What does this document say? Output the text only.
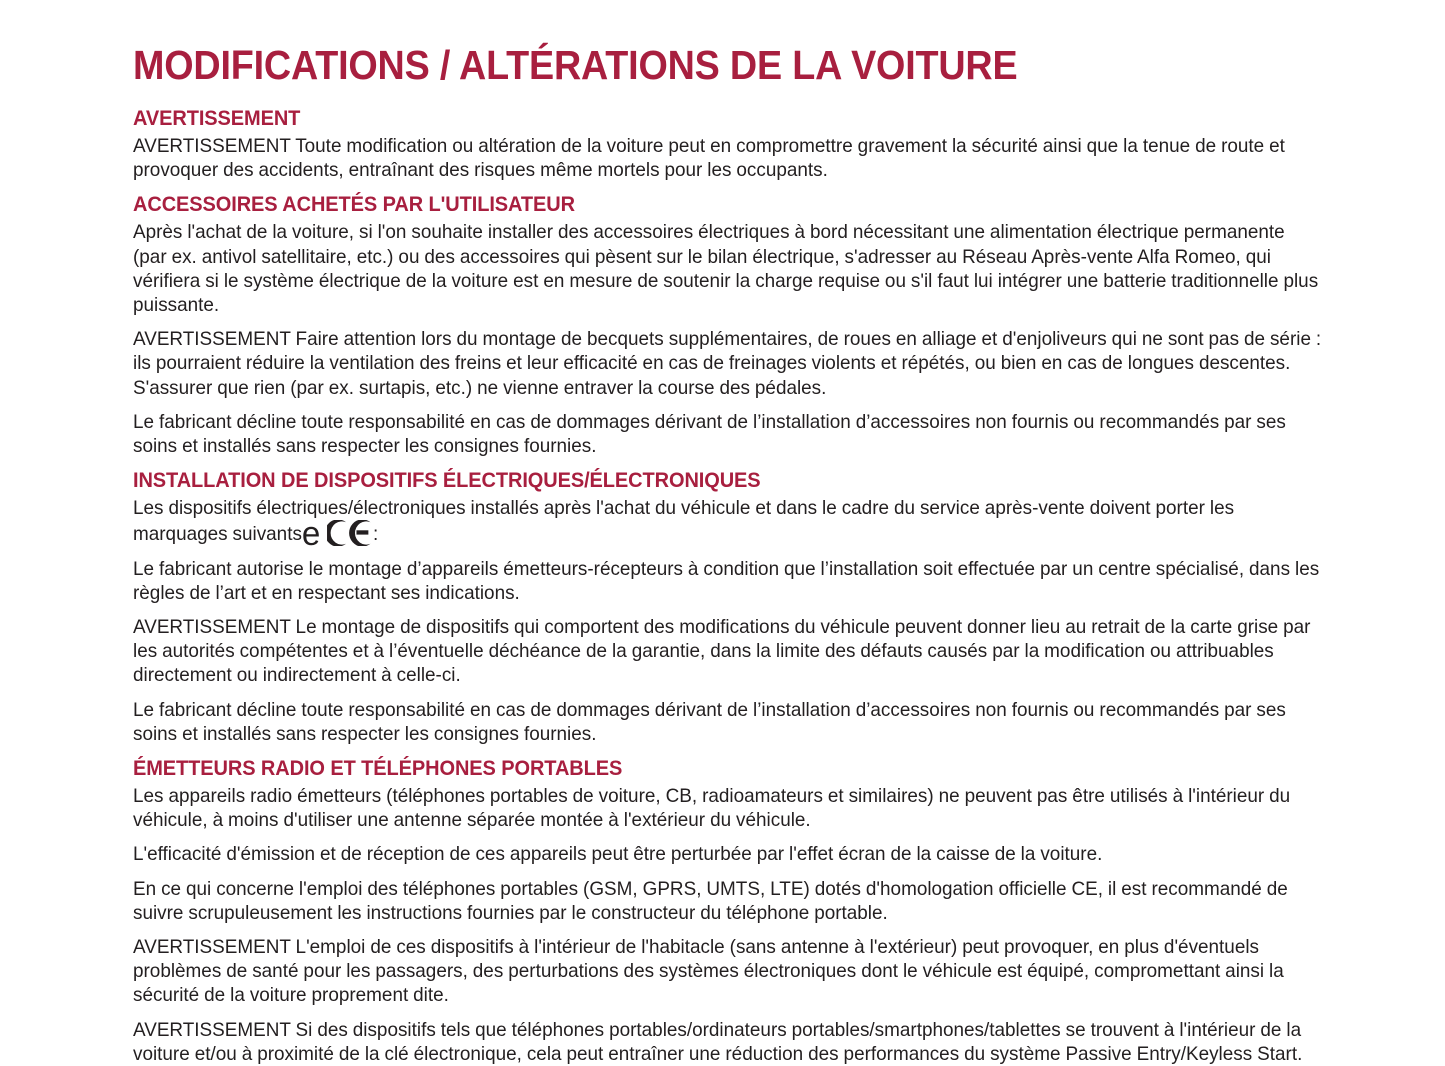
MODIFICATIONS / ALTÉRATIONS DE LA VOITURE
AVERTISSEMENT

AVERTISSEMENT Toute modification ou altération de la voiture peut en compromettre gravement la sécurité ainsi que la tenue de route et provoquer des accidents, entraînant des risques même mortels pour les occupants.

ACCESSOIRES ACHETÉS PAR L'UTILISATEUR

Après l'achat de la voiture, si l'on souhaite installer des accessoires électriques à bord nécessitant une alimentation électrique permanente (par ex. antivol satellitaire, etc.) ou des accessoires qui pèsent sur le bilan électrique, s'adresser au Réseau Après-vente Alfa Romeo, qui vérifiera si le système électrique de la voiture est en mesure de soutenir la charge requise ou s'il faut lui intégrer une batterie traditionnelle plus puissante.

AVERTISSEMENT Faire attention lors du montage de becquets supplémentaires, de roues en alliage et d'enjoliveurs qui ne sont pas de série : ils pourraient réduire la ventilation des freins et leur efficacité en cas de freinages violents et répétés, ou bien en cas de longues descentes. S'assurer que rien (par ex. surtapis, etc.) ne vienne entraver la course des pédales.

Le fabricant décline toute responsabilité en cas de dommages dérivant de l’installation d’accessoires non fournis ou recommandés par ses soins et installés sans respecter les consignes fournies.

INSTALLATION DE DISPOSITIFS ÉLECTRIQUES/ÉLECTRONIQUES

Les dispositifs électriques/électroniques installés après l'achat du véhicule et dans le cadre du service après-vente doivent porter les marquages suivantse	:

Le fabricant autorise le montage d’appareils émetteurs-récepteurs à condition que l’installation soit effectuée par un centre spécialisé, dans les règles de l’art et en respectant ses indications.

AVERTISSEMENT Le montage de dispositifs qui comportent des modifications du véhicule peuvent donner lieu au retrait de la carte grise par les autorités compétentes et à l’éventuelle déchéance de la garantie, dans la limite des défauts causés par la modification ou attribuables directement ou indirectement à celle-ci.

Le fabricant décline toute responsabilité en cas de dommages dérivant de l’installation d’accessoires non fournis ou recommandés par ses soins et installés sans respecter les consignes fournies.

ÉMETTEURS RADIO ET TÉLÉPHONES PORTABLES

Les appareils radio émetteurs (téléphones portables de voiture, CB, radioamateurs et similaires) ne peuvent pas être utilisés à l'intérieur du véhicule, à moins d'utiliser une antenne séparée montée à l'extérieur du véhicule.

L'efficacité d'émission et de réception de ces appareils peut être perturbée par l'effet écran de la caisse de la voiture.

En ce qui concerne l'emploi des téléphones portables (GSM, GPRS, UMTS, LTE) dotés d'homologation officielle CE, il est recommandé de suivre scrupuleusement les instructions fournies par le constructeur du téléphone portable.

AVERTISSEMENT L'emploi de ces dispositifs à l'intérieur de l'habitacle (sans antenne à l'extérieur) peut provoquer, en plus d'éventuels problèmes de santé pour les passagers, des perturbations des systèmes électroniques dont le véhicule est équipé, compromettant ainsi la sécurité de la voiture proprement dite.

AVERTISSEMENT Si des dispositifs tels que téléphones portables/ordinateurs portables/smartphones/tablettes se trouvent à l'intérieur de la voiture et/ou à proximité de la clé électronique, cela peut entraîner une réduction des performances du système Passive Entry/Keyless Start.
